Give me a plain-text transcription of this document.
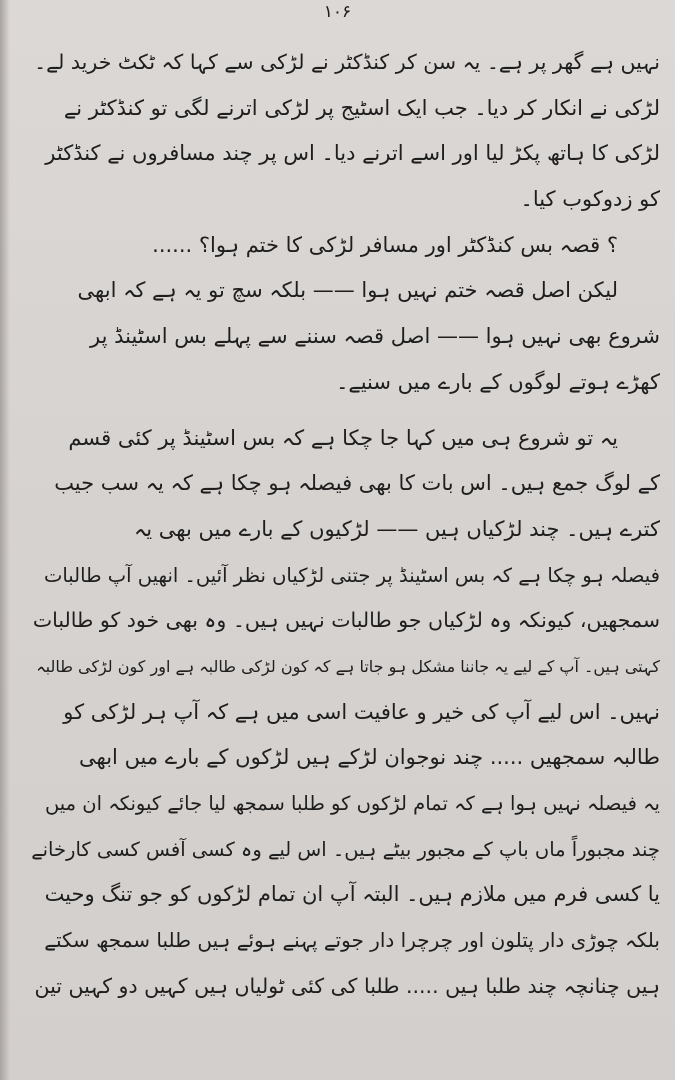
۱۰۶
نہیں ہے گھر پر ہے۔ یہ سن کر کنڈکٹر نے لڑکی سے کہا کہ ٹکٹ خرید لے۔
لڑکی نے انکار کر دیا۔ جب ایک اسٹیج پر لڑکی اترنے لگی تو کنڈکٹر نے
لڑکی کا ہاتھ پکڑ لیا اور اسے اترنے دیا۔ اس پر چند مسافروں نے کنڈکٹر
کو زدوکوب کیا۔
؟ قصہ بس کنڈکٹر اور مسافر لڑکی کا ختم ہوا؟ ......
لیکن اصل قصہ ختم نہیں ہوا —— بلکہ سچ تو یہ ہے کہ ابھی
شروع بھی نہیں ہوا —— اصل قصہ سننے سے پہلے بس اسٹینڈ پر
کھڑے ہوتے لوگوں کے بارے میں سنیے۔
یہ تو شروع ہی میں کہا جا چکا ہے کہ بس اسٹینڈ پر کئی قسم
کے لوگ جمع ہیں۔ اس بات کا بھی فیصلہ ہو چکا ہے کہ یہ سب جیب
کترے ہیں۔ چند لڑکیاں ہیں —— لڑکیوں کے بارے میں بھی یہ
فیصلہ ہو چکا ہے کہ بس اسٹینڈ پر جتنی لڑکیاں نظر آئیں۔ انھیں آپ طالبات
سمجھیں، کیونکہ وہ لڑکیاں جو طالبات نہیں ہیں۔ وہ بھی خود کو طالبات
کہتی ہیں۔ آپ کے لیے یہ جاننا مشکل ہو جاتا ہے کہ کون لڑکی طالبہ ہے اور کون لڑکی طالبہ
نہیں۔ اس لیے آپ کی خیر و عافیت اسی میں ہے کہ آپ ہر لڑکی کو
طالبہ سمجھیں ..... چند نوجوان لڑکے ہیں لڑکوں کے بارے میں ابھی
یہ فیصلہ نہیں ہوا ہے کہ تمام لڑکوں کو طلبا سمجھ لیا جائے کیونکہ ان میں
چند مجبوراً ماں باپ کے مجبور بیٹے ہیں۔ اس لیے وہ کسی آفس کسی کارخانے
یا کسی فرم میں ملازم ہیں۔ البتہ آپ ان تمام لڑکوں کو جو تنگ وحیت
بلکہ چوڑی دار پتلون اور چرچرا دار جوتے پہنے ہوئے ہیں طلبا سمجھ سکتے
ہیں چنانچہ چند طلبا ہیں ..... طلبا کی کئی ٹولیاں ہیں کہیں دو کہیں تین
